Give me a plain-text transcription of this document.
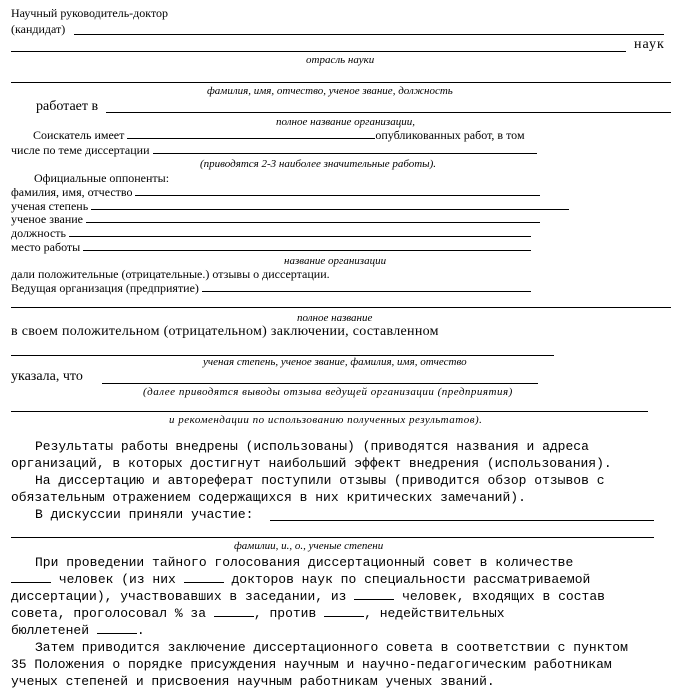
Научный руководитель-доктор
(кандидат)
наук
отрасль науки
фамилия, имя, отчество, ученое звание, должность
работает в
полное название организации,
Соискатель имеет	опубликованных работ, в том
числе по теме диссертации
(приводятся 2-3 наиболее значительные работы).
Официальные оппоненты:
фамилия, имя, отчество
ученая степень
ученое звание
должность
место работы
название организации
дали положительные (отрицательные.) отзывы о диссертации.
Ведущая организация (предприятие)
полное название
в своем положительном (отрицательном) заключении, составленном
ученая степень, ученое звание, фамилия, имя, отчество
указала, что
(далее приводятся выводы отзыва ведущей организации (предприятия)
и рекомендации по использованию полученных результатов).
Результаты работы внедрены (использованы) (приводятся названия и адреса
организаций, в которых достигнут наибольший эффект внедрения (использования).
На диссертацию и автореферат поступили отзывы (приводится обзор отзывов с
обязательным отражением содержащихся в них критических замечаний).
В дискуссии приняли участие:
фамилии, и., о., ученые степени
При проведении тайного голосования диссертационный совет в количестве
человек (из них	докторов наук по специальности рассматриваемой
диссертации), участвовавших в заседании, из	человек, входящих в состав
совета, проголосовал % за	, против	, недействительных
бюллетеней	.
Затем приводится заключение диссертационного совета в соответствии с пунктом
35 Положения о порядке присуждения научным и научно-педагогическим работникам
ученых степеней и присвоения научным работникам ученых званий.
